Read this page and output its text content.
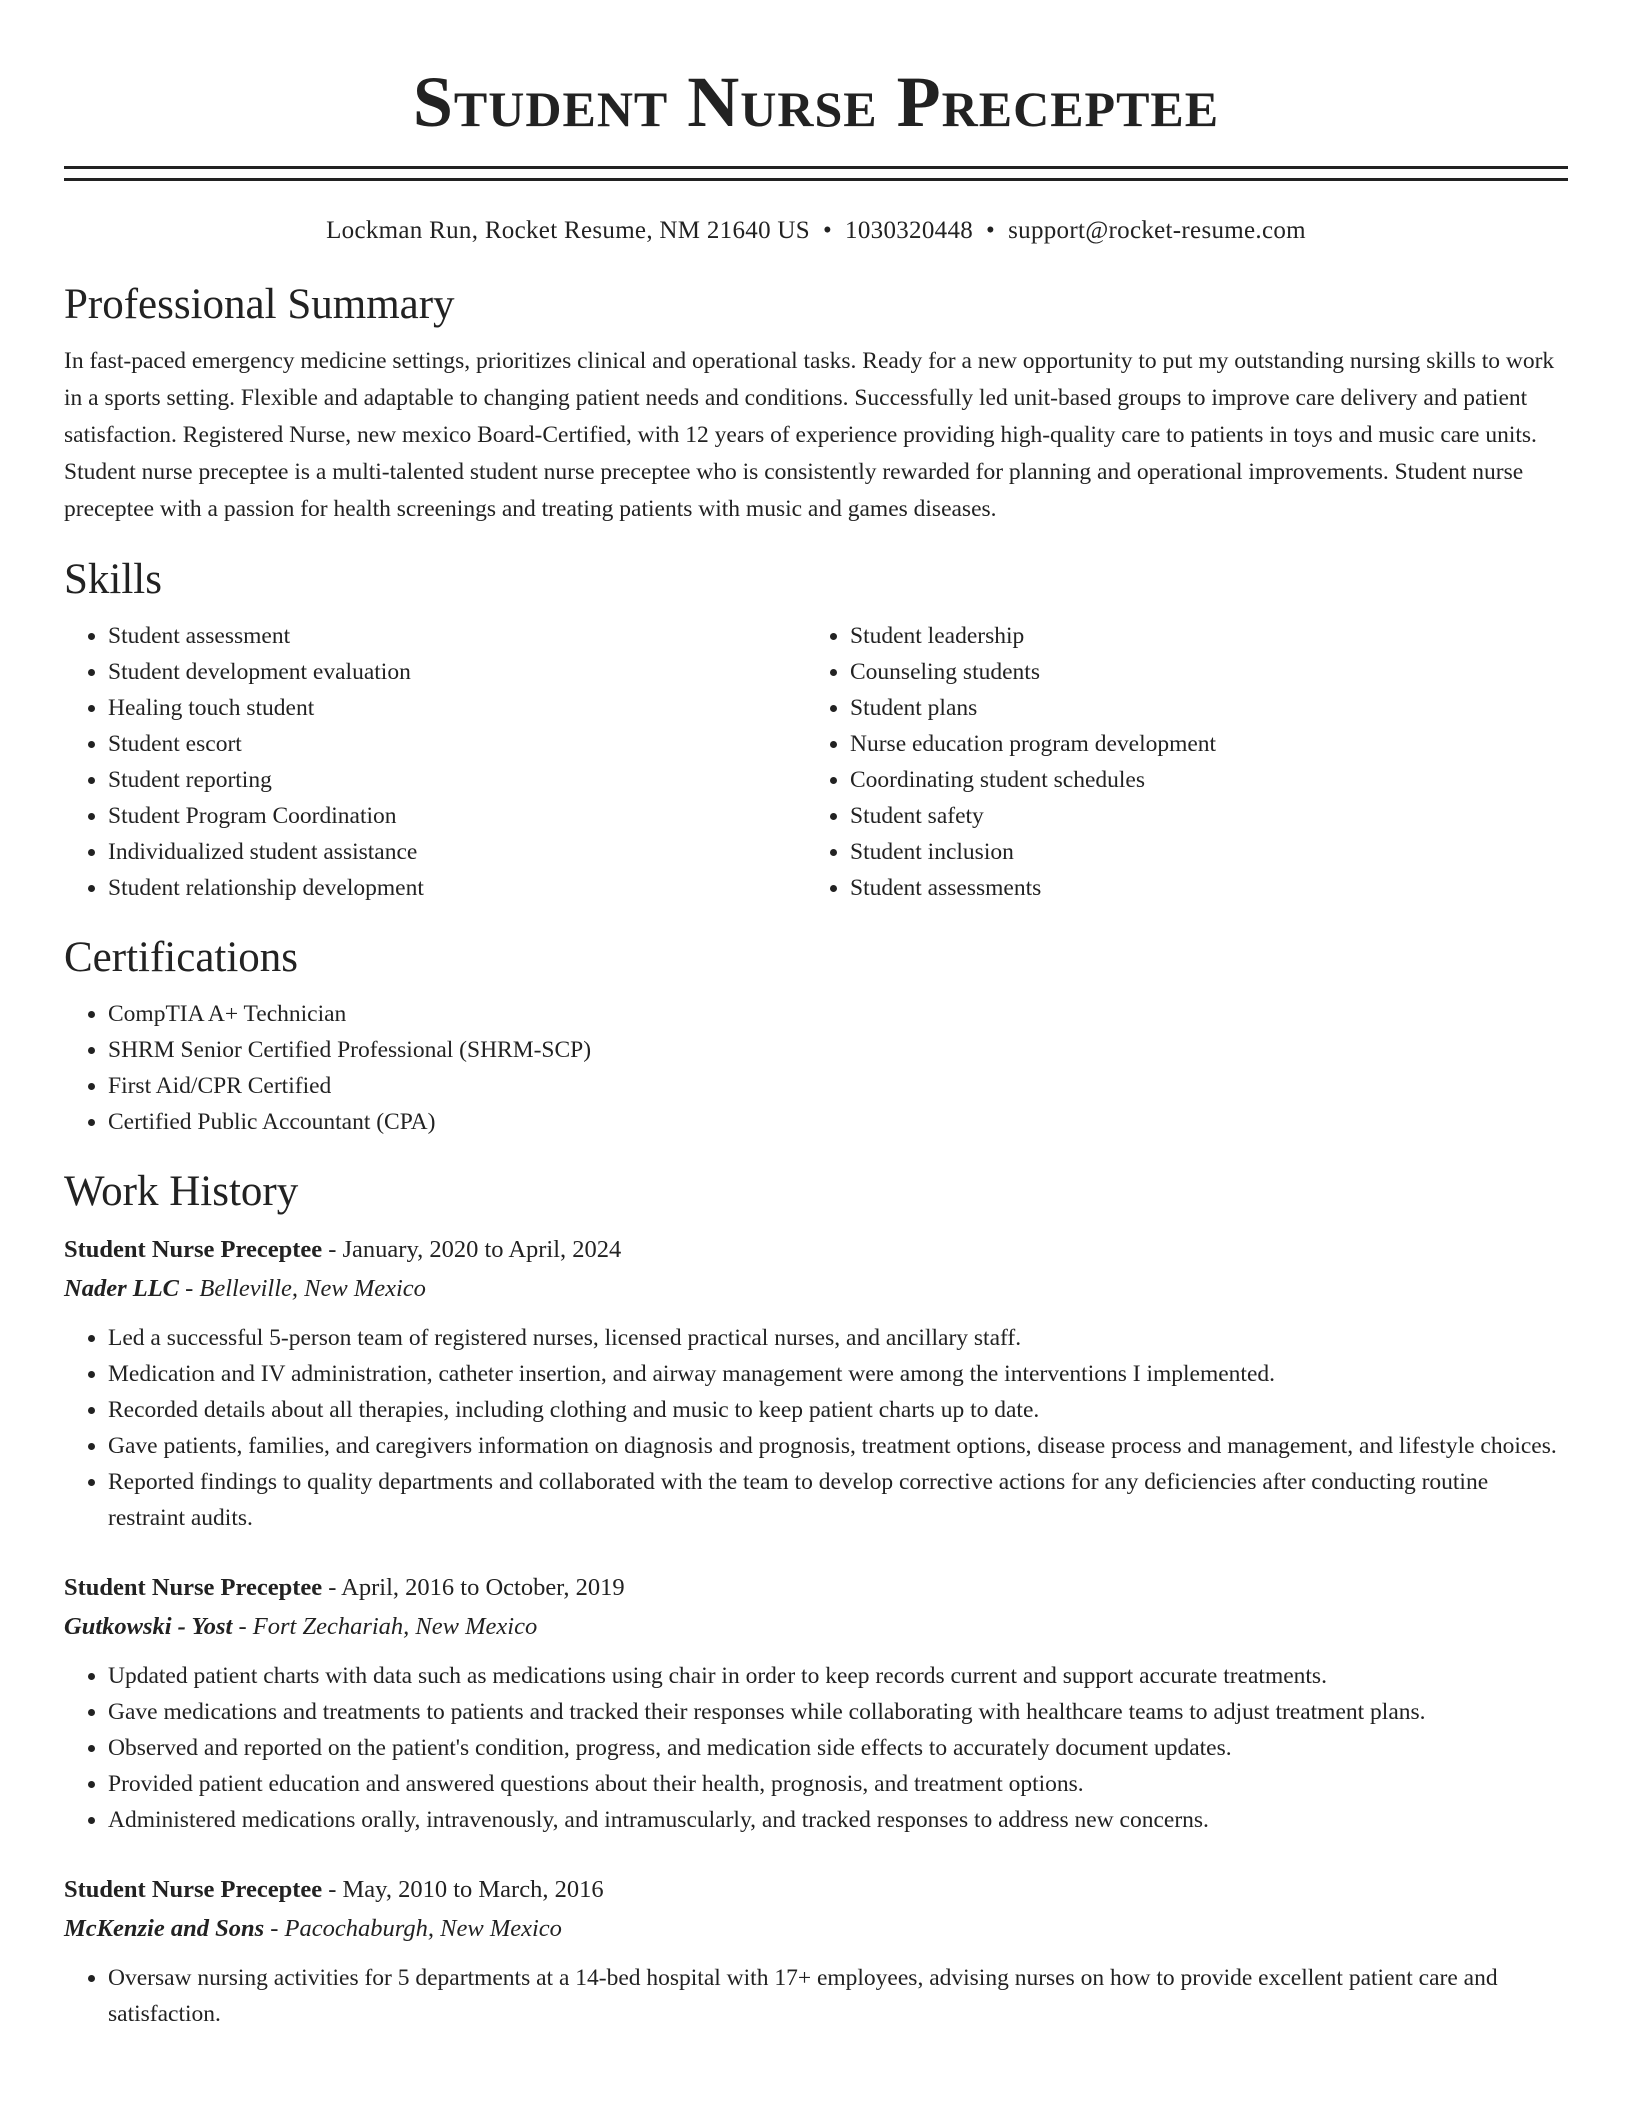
Student Nurse Preceptee
Lockman Run, Rocket Resume, NM 21640 US • 1030320448 • support@rocket-resume.com
Professional Summary

In fast-paced emergency medicine settings, prioritizes clinical and operational tasks. Ready for a new opportunity to put my outstanding nursing skills to work in a sports setting. Flexible and adaptable to changing patient needs and conditions. Successfully led unit-based groups to improve care delivery and patient satisfaction. Registered Nurse, new mexico Board-Certified, with 12 years of experience providing high-quality care to patients in toys and music care units. Student nurse preceptee is a multi-talented student nurse preceptee who is consistently rewarded for planning and operational improvements. Student nurse preceptee with a passion for health screenings and treating patients with music and games diseases.

Skills
• Student assessment
• Student development evaluation
• Healing touch student
• Student escort
• Student reporting
• Student Program Coordination
• Individualized student assistance
• Student relationship development
• Student leadership
• Counseling students
• Student plans
• Nurse education program development
• Coordinating student schedules
• Student safety
• Student inclusion
• Student assessments
Certifications
• CompTIA A+ Technician
• SHRM Senior Certified Professional (SHRM-SCP)
• First Aid/CPR Certified
• Certified Public Accountant (CPA)
Work History
Student Nurse Preceptee - January, 2020 to April, 2024
Nader LLC - Belleville, New Mexico
• Led a successful 5-person team of registered nurses, licensed practical nurses, and ancillary staff.
• Medication and IV administration, catheter insertion, and airway management were among the interventions I implemented.
• Recorded details about all therapies, including clothing and music to keep patient charts up to date.
• Gave patients, families, and caregivers information on diagnosis and prognosis, treatment options, disease process and management, and lifestyle choices.
• Reported findings to quality departments and collaborated with the team to develop corrective actions for any deficiencies after conducting routine restraint audits.
Student Nurse Preceptee - April, 2016 to October, 2019
Gutkowski - Yost - Fort Zechariah, New Mexico
• Updated patient charts with data such as medications using chair in order to keep records current and support accurate treatments.
• Gave medications and treatments to patients and tracked their responses while collaborating with healthcare teams to adjust treatment plans.
• Observed and reported on the patient's condition, progress, and medication side effects to accurately document updates.
• Provided patient education and answered questions about their health, prognosis, and treatment options.
• Administered medications orally, intravenously, and intramuscularly, and tracked responses to address new concerns.
Student Nurse Preceptee - May, 2010 to March, 2016
McKenzie and Sons - Pacochaburgh, New Mexico
• Oversaw nursing activities for 5 departments at a 14-bed hospital with 17+ employees, advising nurses on how to provide excellent patient care and satisfaction.
